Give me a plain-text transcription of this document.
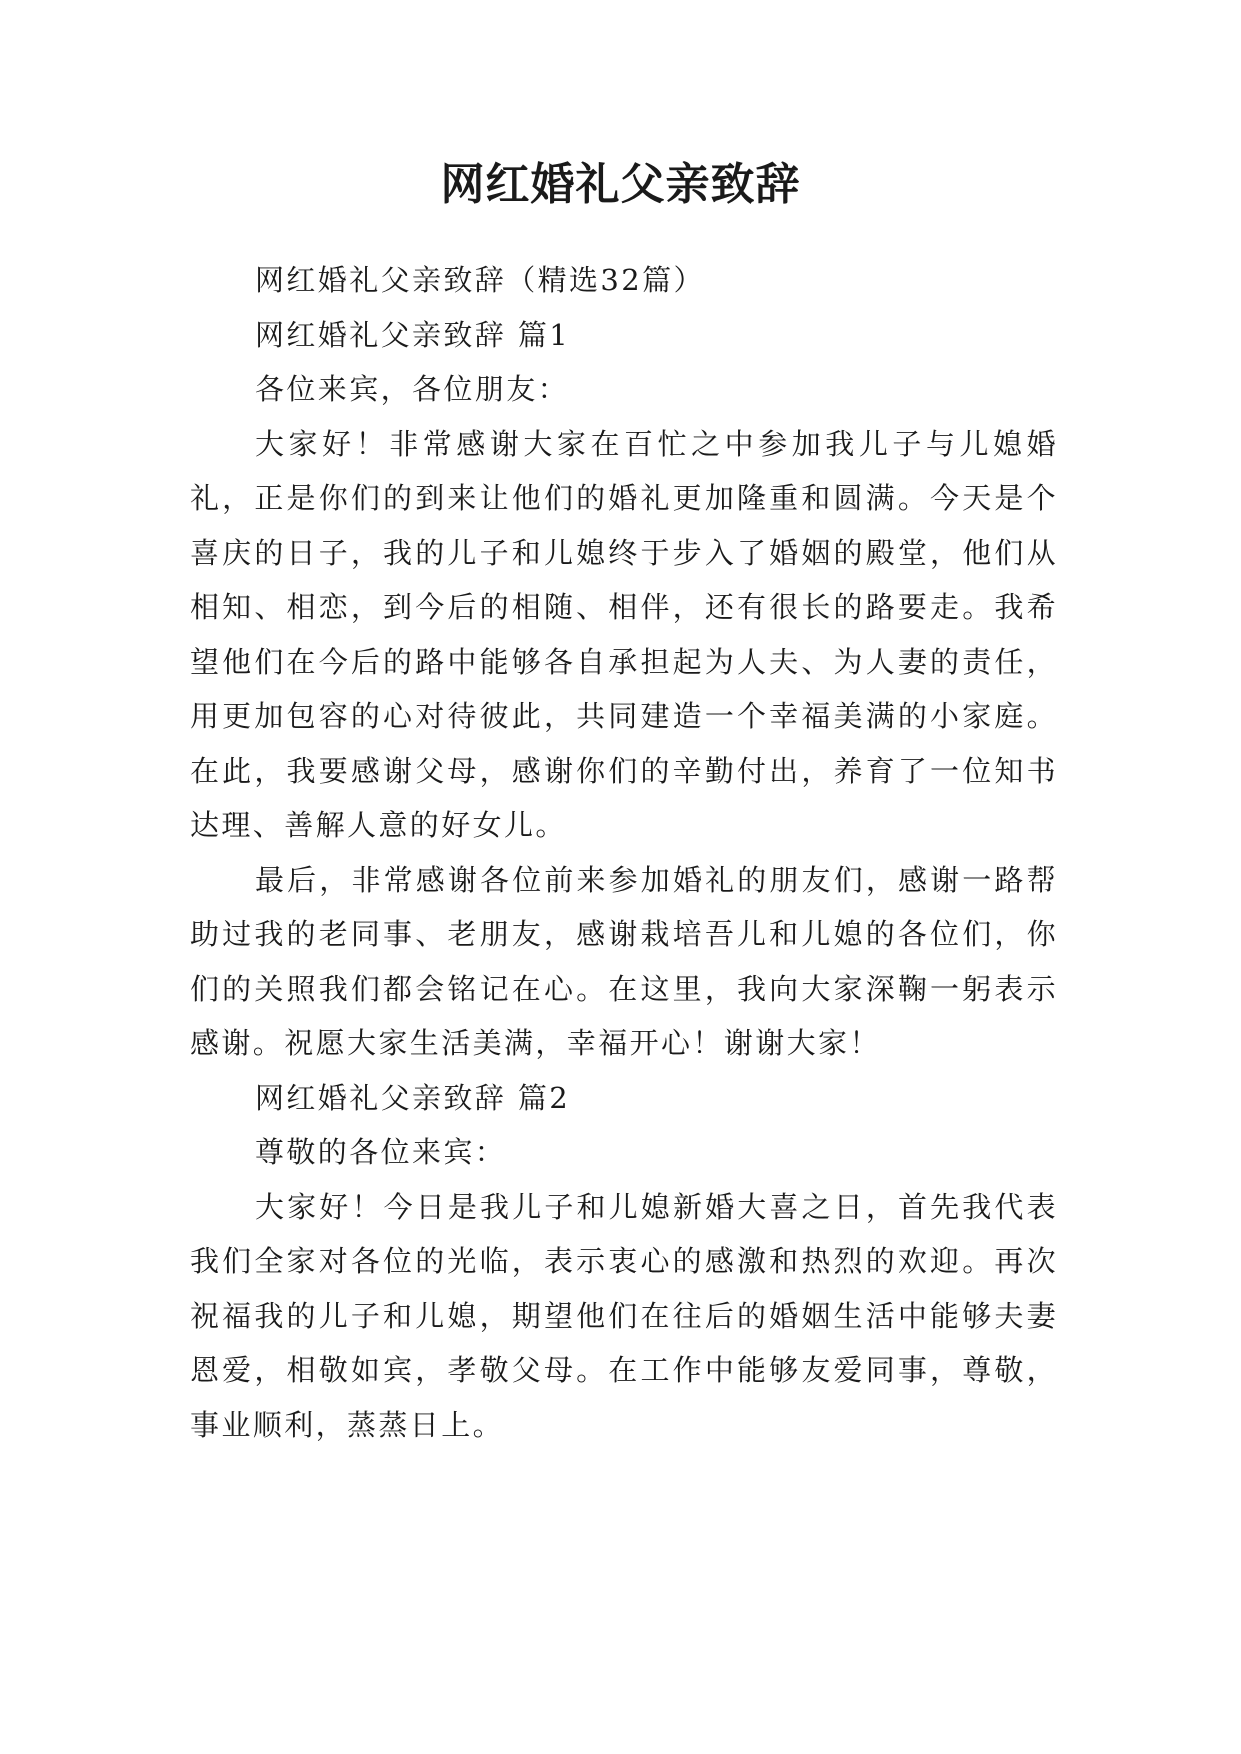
网红婚礼父亲致辞

网红婚礼父亲致辞（精选32篇）

网红婚礼父亲致辞 篇1

各位来宾，各位朋友：

大家好！非常感谢大家在百忙之中参加我儿子与儿媳婚礼，正是你们的到来让他们的婚礼更加隆重和圆满。今天是个喜庆的日子，我的儿子和儿媳终于步入了婚姻的殿堂，他们从相知、相恋，到今后的相随、相伴，还有很长的路要走。我希望他们在今后的路中能够各自承担起为人夫、为人妻的责任，用更加包容的心对待彼此，共同建造一个幸福美满的小家庭。在此，我要感谢父母，感谢你们的辛勤付出，养育了一位知书达理、善解人意的好女儿。

最后，非常感谢各位前来参加婚礼的朋友们，感谢一路帮助过我的老同事、老朋友，感谢栽培吾儿和儿媳的各位们，你们的关照我们都会铭记在心。在这里，我向大家深鞠一躬表示感谢。祝愿大家生活美满，幸福开心！谢谢大家！

网红婚礼父亲致辞 篇2

尊敬的各位来宾：

大家好！今日是我儿子和儿媳新婚大喜之日，首先我代表我们全家对各位的光临，表示衷心的感激和热烈的欢迎。再次祝福我的儿子和儿媳，期望他们在往后的婚姻生活中能够夫妻恩爱，相敬如宾，孝敬父母。在工作中能够友爱同事，尊敬，事业顺利，蒸蒸日上。
